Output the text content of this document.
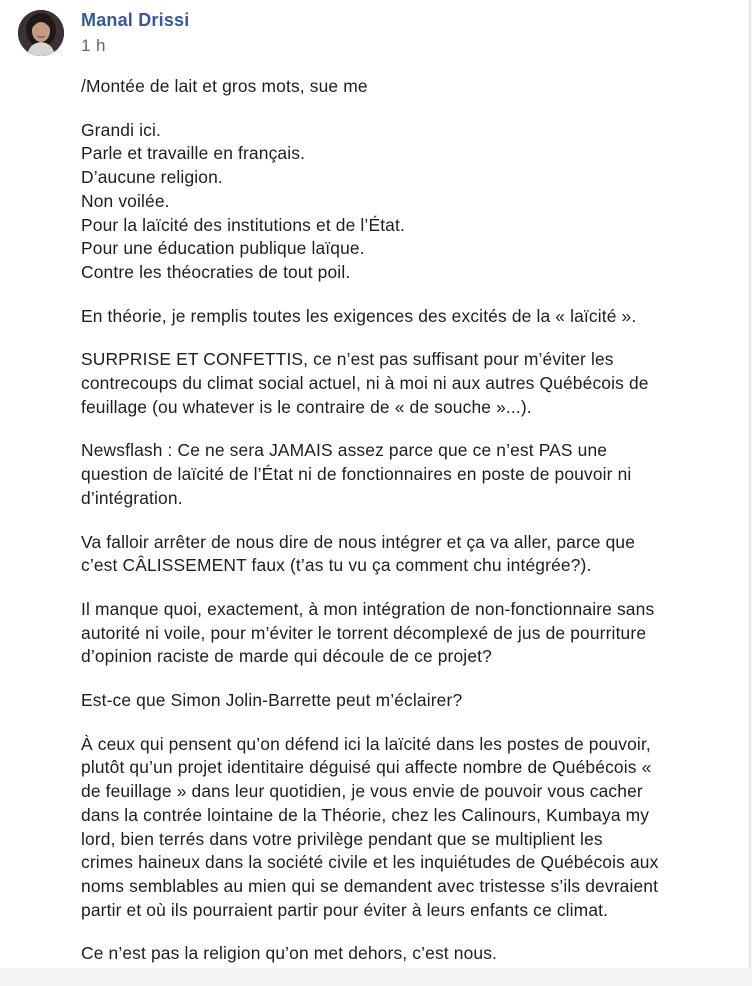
Manal Drissi
1 h
/Montée de lait et gros mots, sue me
Grandi ici.
Parle et travaille en français.
D’aucune religion.
Non voilée.
Pour la laïcité des institutions et de l’État.
Pour une éducation publique laïque.
Contre les théocraties de tout poil.
En théorie, je remplis toutes les exigences des excités de la « laïcité ».
SURPRISE ET CONFETTIS, ce n’est pas suffisant pour m’éviter les
contrecoups du climat social actuel, ni à moi ni aux autres Québécois de
feuillage (ou whatever is le contraire de « de souche »...).
Newsflash : Ce ne sera JAMAIS assez parce que ce n’est PAS une
question de laïcité de l’État ni de fonctionnaires en poste de pouvoir ni
d’intégration.
Va falloir arrêter de nous dire de nous intégrer et ça va aller, parce que
c’est CÂLISSEMENT faux (t’as tu vu ça comment chu intégrée?).
Il manque quoi, exactement, à mon intégration de non-fonctionnaire sans
autorité ni voile, pour m’éviter le torrent décomplexé de jus de pourriture
d’opinion raciste de marde qui découle de ce projet?
Est-ce que Simon Jolin-Barrette peut m’éclairer?
À ceux qui pensent qu’on défend ici la laïcité dans les postes de pouvoir,
plutôt qu’un projet identitaire déguisé qui affecte nombre de Québécois «
de feuillage » dans leur quotidien, je vous envie de pouvoir vous cacher
dans la contrée lointaine de la Théorie, chez les Calinours, Kumbaya my
lord, bien terrés dans votre privilège pendant que se multiplient les
crimes haineux dans la société civile et les inquiétudes de Québécois aux
noms semblables au mien qui se demandent avec tristesse s’ils devraient
partir et où ils pourraient partir pour éviter à leurs enfants ce climat.
Ce n’est pas la religion qu’on met dehors, c’est nous.
